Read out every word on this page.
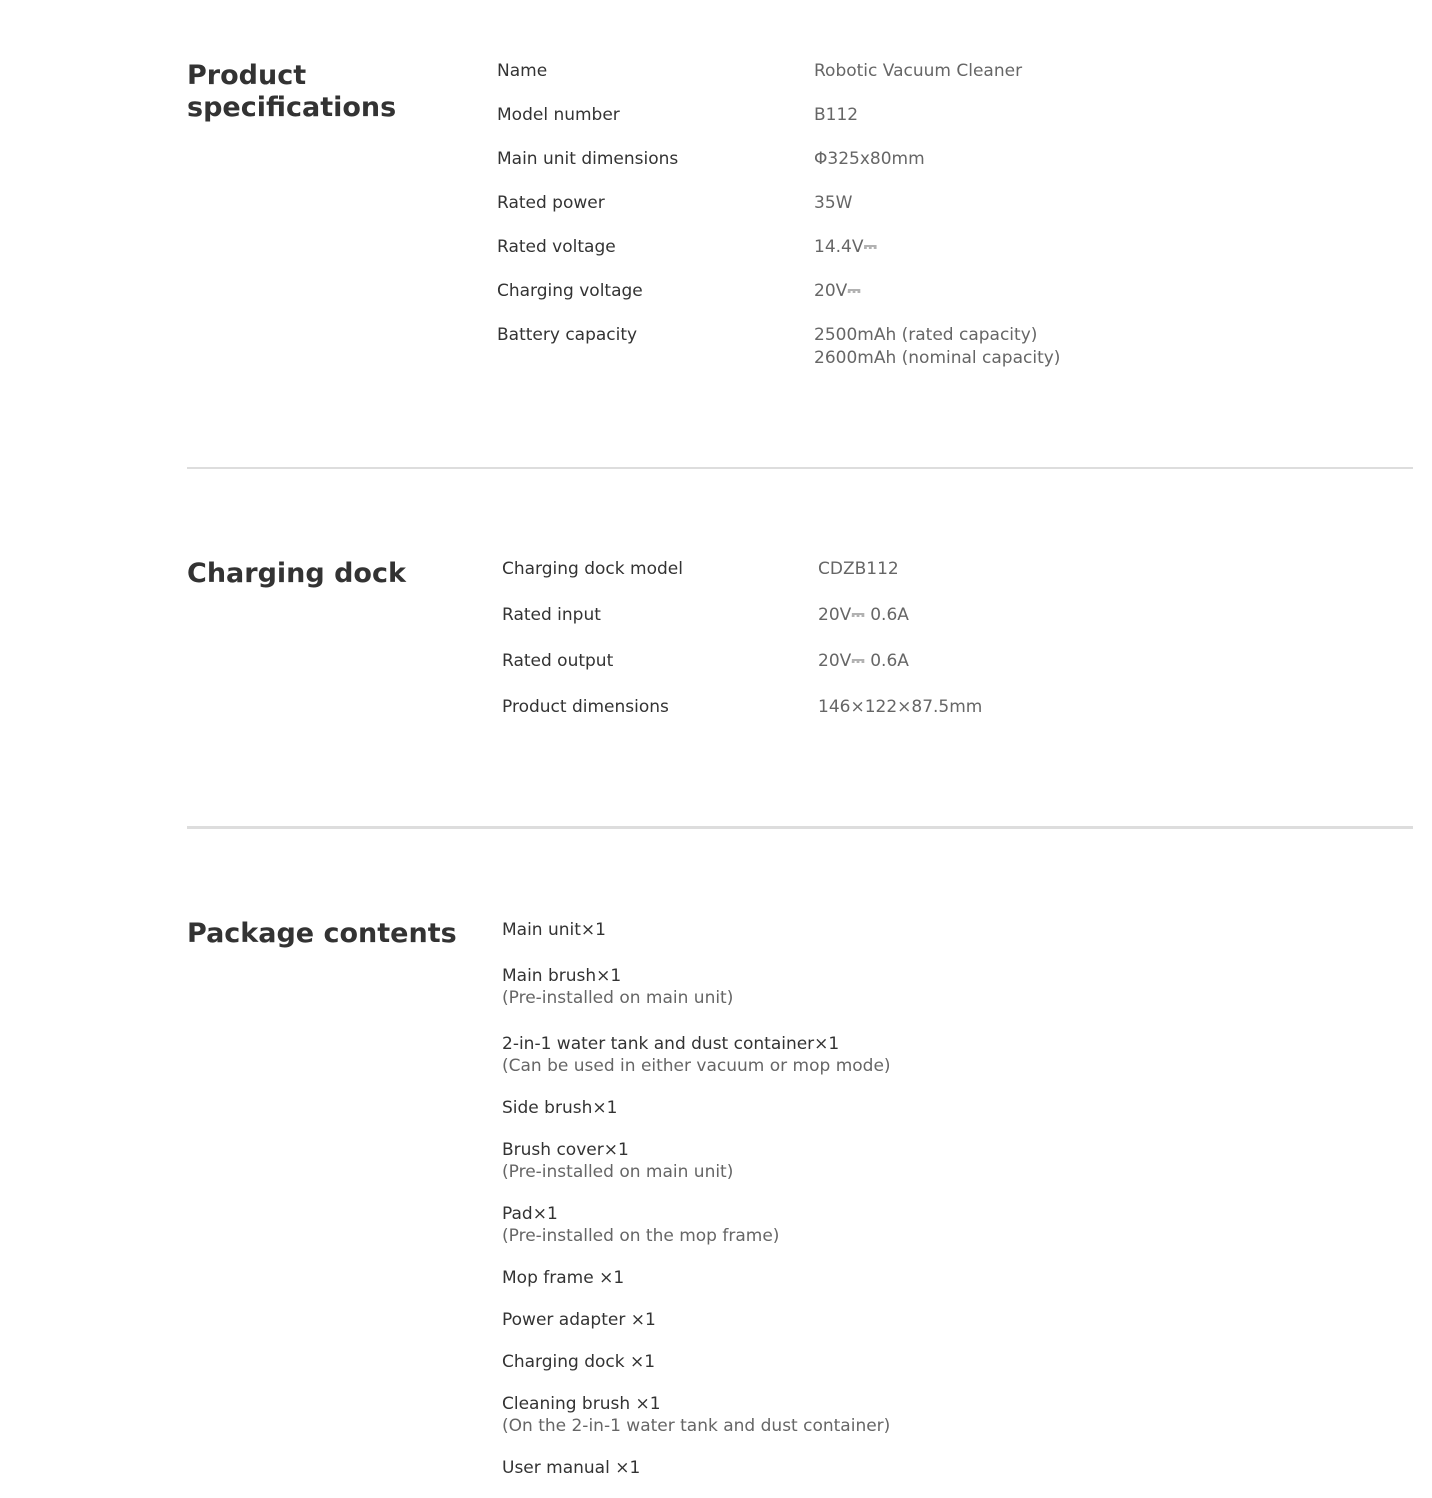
Product specifications
Name	Robotic Vacuum Cleaner
Model number	B112
Main unit dimensions	Φ325x80mm
Rated power	35W
Rated voltage	14.4V⎓
Charging voltage	20V⎓
Battery capacity	2500mAh (rated capacity)
2600mAh (nominal capacity)
Charging dock	Charging dock model	CDZB112
Rated input	20V⎓ 0.6A
Rated output	20V⎓ 0.6A
Product dimensions	146×122×87.5mm
Package contents	Main unit×1
Main brush×1
(Pre-installed on main unit)
2-in-1 water tank and dust container×1
(Can be used in either vacuum or mop mode)
Side brush×1
Brush cover×1
(Pre-installed on main unit)
Pad×1
(Pre-installed on the mop frame)
Mop frame ×1
Power adapter ×1
Charging dock ×1
Cleaning brush ×1
(On the 2-in-1 water tank and dust container)
User manual ×1
